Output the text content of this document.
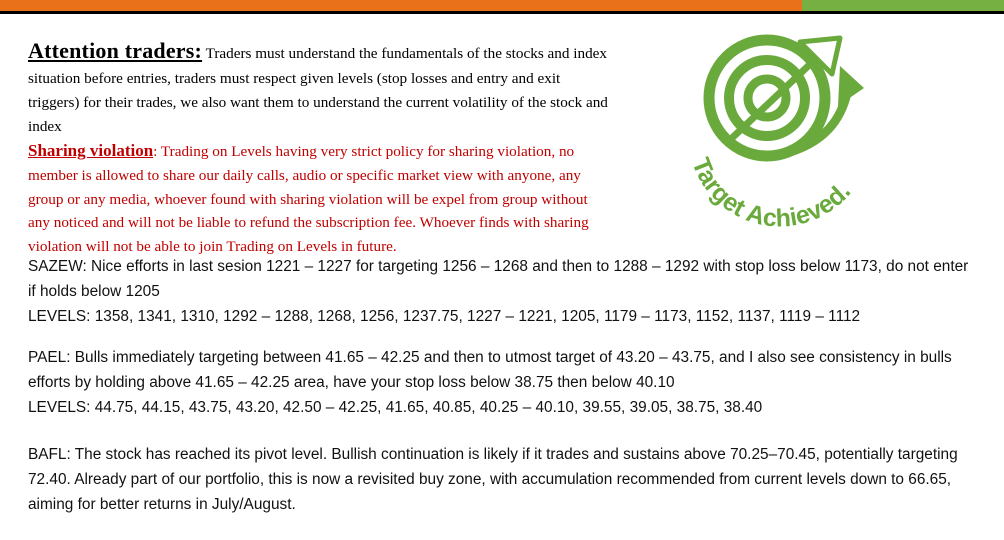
Attention traders: Traders must understand the fundamentals of the stocks and index situation before entries, traders must respect given levels (stop losses and entry and exit triggers) for their trades, we also want them to understand the current volatility of the stock and index
Sharing violation: Trading on Levels having very strict policy for sharing violation, no member is allowed to share our daily calls, audio or specific market view with anyone, any group or any media, whoever found with sharing violation will be expel from group without any noticed and will not be liable to refund the subscription fee. Whoever finds with sharing violation will not be able to join Trading on Levels in future.
Target Achieved.
SAZEW: Nice efforts in last sesion 1221 – 1227 for targeting 1256 – 1268 and then to 1288 – 1292 with stop loss below 1173, do not enter if holds below 1205
LEVELS: 1358, 1341, 1310, 1292 – 1288, 1268, 1256, 1237.75, 1227 – 1221, 1205, 1179 – 1173, 1152, 1137, 1119 – 1112
PAEL: Bulls immediately targeting between 41.65 – 42.25 and then to utmost target of 43.20 – 43.75, and I also see consistency in bulls efforts by holding above 41.65 – 42.25 area, have your stop loss below 38.75 then below 40.10
LEVELS: 44.75, 44.15, 43.75, 43.20, 42.50 – 42.25, 41.65, 40.85, 40.25 – 40.10, 39.55, 39.05, 38.75, 38.40
BAFL: The stock has reached its pivot level. Bullish continuation is likely if it trades and sustains above 70.25–70.45, potentially targeting 72.40. Already part of our portfolio, this is now a revisited buy zone, with accumulation recommended from current levels down to 66.65, aiming for better returns in July/August.
